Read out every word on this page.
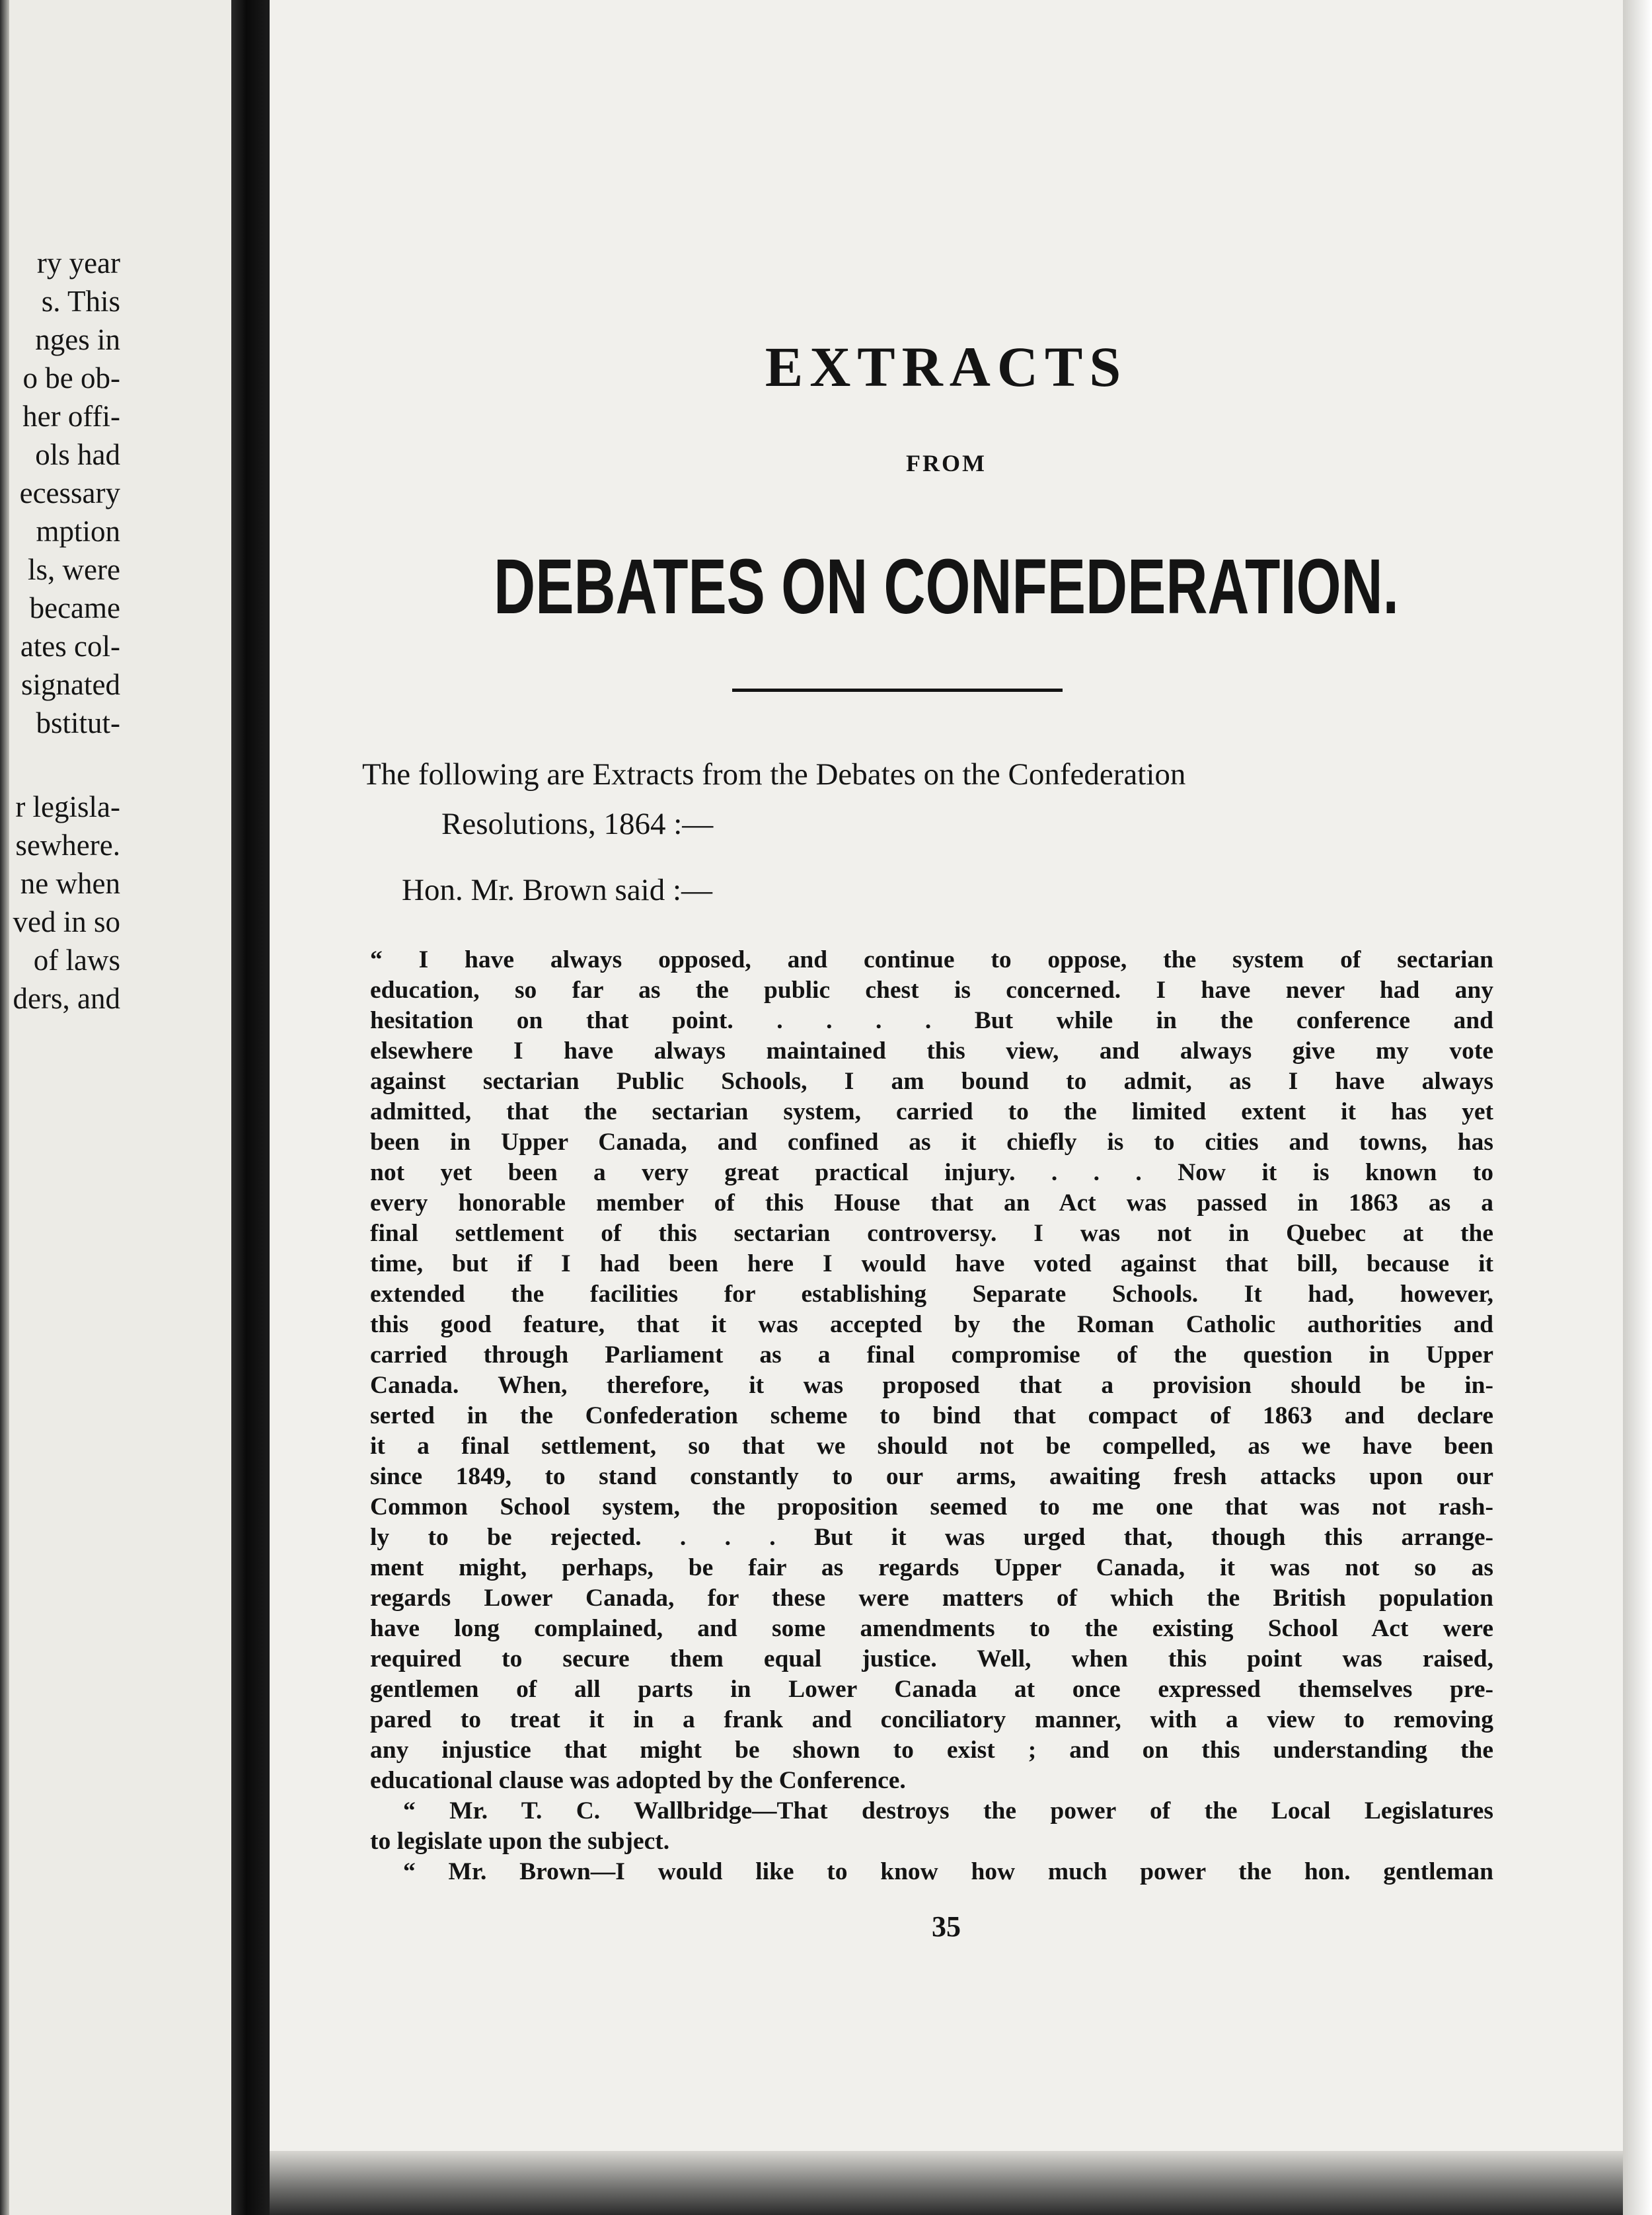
ry year
s. This
nges in
o be ob-
her offi-
ols had
ecessary
mption
ls, were
became
ates col-
signated
bstitut-
r legisla-
sewhere.
ne when
ved in so
of laws
ders, and
EXTRACTS
FROM
DEBATES ON CONFEDERATION.
The following are Extracts from the Debates on the Confederation
Resolutions, 1864 :—
Hon. Mr. Brown said :—
“ I have always opposed, and continue to oppose, the system of sectarian
education, so far as the public chest is concerned. I have never had any
hesitation on that point. . . . . But while in the conference and
elsewhere I have always maintained this view, and always give my vote
against sectarian Public Schools, I am bound to admit, as I have always
admitted, that the sectarian system, carried to the limited extent it has yet
been in Upper Canada, and confined as it chiefly is to cities and towns, has
not yet been a very great practical injury. . . . Now it is known to
every honorable member of this House that an Act was passed in 1863 as a
final settlement of this sectarian controversy. I was not in Quebec at the
time, but if I had been here I would have voted against that bill, because it
extended the facilities for establishing Separate Schools. It had, however,
this good feature, that it was accepted by the Roman Catholic authorities and
carried through Parliament as a final compromise of the question in Upper
Canada. When, therefore, it was proposed that a provision should be in-
serted in the Confederation scheme to bind that compact of 1863 and declare
it a final settlement, so that we should not be compelled, as we have been
since 1849, to stand constantly to our arms, awaiting fresh attacks upon our
Common School system, the proposition seemed to me one that was not rash-
ly to be rejected. . . . But it was urged that, though this arrange-
ment might, perhaps, be fair as regards Upper Canada, it was not so as
regards Lower Canada, for these were matters of which the British population
have long complained, and some amendments to the existing School Act were
required to secure them equal justice. Well, when this point was raised,
gentlemen of all parts in Lower Canada at once expressed themselves pre-
pared to treat it in a frank and conciliatory manner, with a view to removing
any injustice that might be shown to exist ; and on this understanding the
educational clause was adopted by the Conference.
“ Mr. T. C. Wallbridge—That destroys the power of the Local Legislatures
to legislate upon the subject.
“ Mr. Brown—I would like to know how much power the hon. gentleman
35
